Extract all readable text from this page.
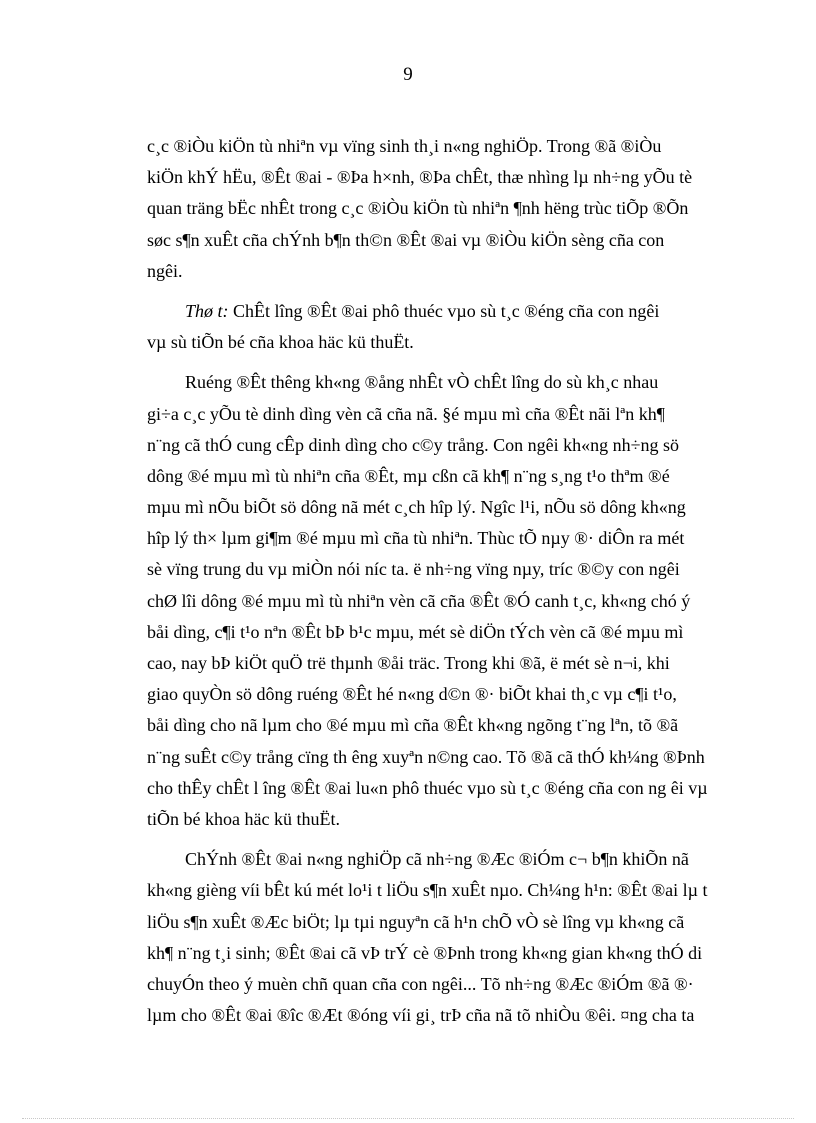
9

c¸c ®iÒu kiÖn tù nhiªn vµ vïng sinh th¸i n«ng nghiÖp. Trong ®ã ®iÒu
kiÖn khÝ hËu, ®Êt ®ai - ®Þa h×nh, ®Þa chÊt, thæ nhìng lµ nh÷ng yÕu tè
quan träng bËc nhÊt trong c¸c ®iÒu kiÖn tù nhiªn ¶nh hëng trùc tiÕp ®Õn
søc s¶n xuÊt cña chÝnh b¶n th©n ®Êt ®ai vµ ®iÒu kiÖn sèng cña con
ngêi.

Thø t: ChÊt lîng ®Êt ®ai phô thuéc vµo sù t¸c ®éng cña con ngêi
vµ sù tiÕn bé cña khoa häc kü thuËt.

Ruéng ®Êt thêng kh«ng ®ång nhÊt vÒ chÊt lîng do sù kh¸c nhau
gi÷a c¸c yÕu tè dinh dìng vèn cã cña nã. §é mµu mì cña ®Êt nãi lªn kh¶
n¨ng cã thÓ cung cÊp dinh dìng cho c©y trång. Con ngêi kh«ng nh÷ng sö
dông ®é mµu mì tù nhiªn cña ®Êt, mµ cßn cã kh¶ n¨ng s¸ng t¹o thªm ®é
mµu mì nÕu biÕt sö dông nã mét c¸ch hîp lý. Ngîc l¹i, nÕu sö dông kh«ng
hîp lý th× lµm gi¶m ®é mµu mì cña tù nhiªn. Thùc tÕ nµy ®· diÔn ra mét
sè vïng trung du vµ miÒn nói níc ta. ë nh÷ng vïng nµy, tríc ®©y con ngêi
chØ lîi dông ®é mµu mì tù nhiªn vèn cã cña ®Êt ®Ó canh t¸c, kh«ng chó ý
båi dìng, c¶i t¹o nªn ®Êt bÞ b¹c mµu, mét sè diÖn tÝch vèn cã ®é mµu mì
cao, nay bÞ kiÖt quÖ trë thµnh ®åi träc. Trong khi ®ã, ë mét sè n¬i, khi
giao quyÒn sö dông ruéng ®Êt hé n«ng d©n ®· biÕt khai th¸c vµ c¶i t¹o,
båi dìng cho nã lµm cho ®é mµu mì cña ®Êt kh«ng ngõng t¨ng lªn, tõ ®ã
n¨ng suÊt c©y trång cïng th êng xuyªn n©ng cao. Tõ ®ã cã thÓ kh¼ng ®Þnh
cho thÊy chÊt l îng ®Êt ®ai lu«n phô thuéc vµo sù t¸c ®éng cña con ng êi vµ
tiÕn bé khoa häc kü thuËt.

ChÝnh ®Êt ®ai n«ng nghiÖp cã nh÷ng ®Æc ®iÓm c¬ b¶n khiÕn nã
kh«ng gièng víi bÊt kú mét lo¹i t liÖu s¶n xuÊt nµo. Ch¼ng h¹n: ®Êt ®ai lµ t
liÖu s¶n xuÊt ®Æc biÖt; lµ tµi nguyªn cã h¹n chÕ vÒ sè lîng vµ kh«ng cã
kh¶ n¨ng t¸i sinh; ®Êt ®ai cã vÞ trÝ cè ®Þnh trong kh«ng gian kh«ng thÓ di
chuyÓn theo ý muèn chñ quan cña con ngêi... Tõ nh÷ng ®Æc ®iÓm ®ã ®·
lµm cho ®Êt ®ai ®îc ®Æt ®óng víi gi¸ trÞ cña nã tõ nhiÒu ®êi. ¤ng cha ta
